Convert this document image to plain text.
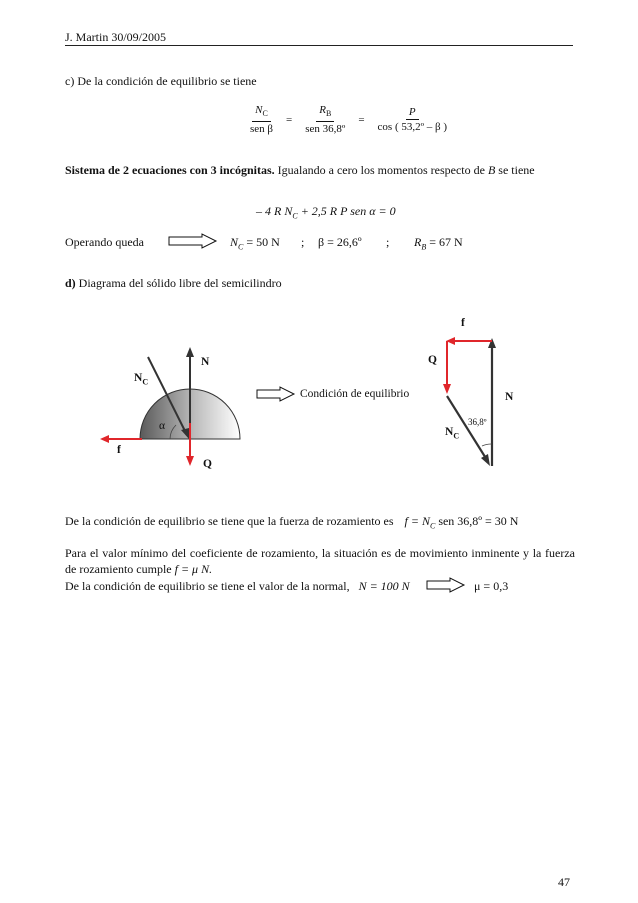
J. Martin 30/09/2005
c) De la condición de equilibrio se tiene
$\frac{N_C}{\text{sen β}} = \frac{R_B}{\text{sen 36,8º}} = \frac{P}{\text{cos ( 53,2º – β )}}$
Sistema de 2 ecuaciones con 3 incógnitas. Igualando a cero los momentos respecto de B se tiene
– 4 R $N_C + 2,5$ R P sen α = 0
Operando queda	$N_C = 50$ N ; β = 26,6º ; $R_B = 67$ N
d) Diagrama del sólido libre del semicilindro
$N_C$
N
α
f
Q
Condición de equilibrio
f
Q
N
$N_C$
36,8º
De la condición de equilibrio se tiene que la fuerza de rozamiento es $f = N_C$ sen 36,8º = 30 N
Para el valor mínimo del coeficiente de rozamiento, la situación es de movimiento inminente y la fuerza de rozamiento cumple f = μ N.
De la condición de equilibrio se tiene el valor de la normal, N = 100 N	μ = 0,3
47
